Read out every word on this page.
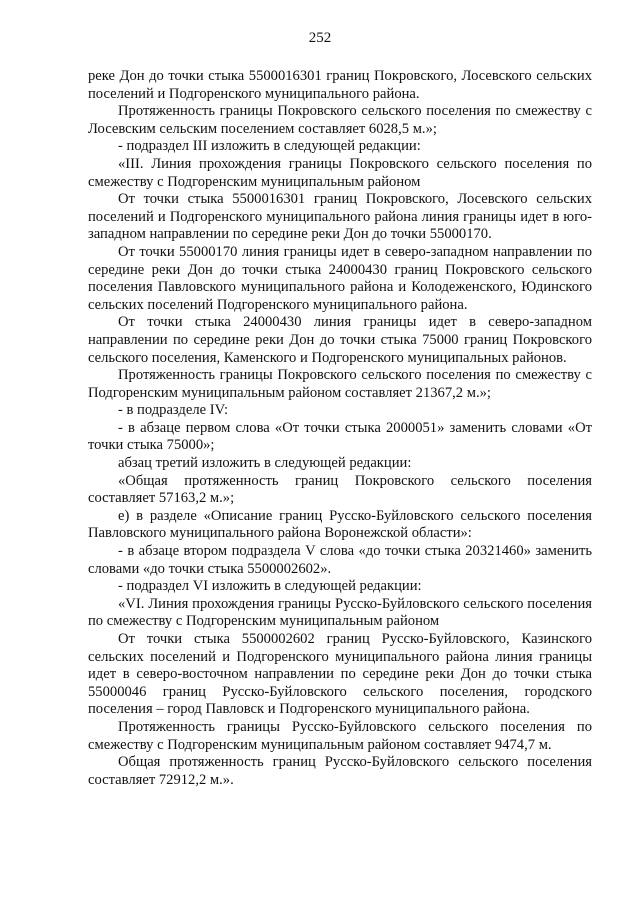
252

реке Дон до точки стыка 5500016301 границ Покровского, Лосевского сельских поселений и Подгоренского муниципального района.

Протяженность границы Покровского сельского поселения по смежеству с Лосевским сельским поселением составляет 6028,5 м.»;

- подраздел III изложить в следующей редакции:

«III. Линия прохождения границы Покровского сельского поселения по смежеству с Подгоренским муниципальным районом

От точки стыка 5500016301 границ Покровского, Лосевского сельских поселений и Подгоренского муниципального района линия границы идет в юго-западном направлении по середине реки Дон до точки 55000170.

От точки 55000170 линия границы идет в северо-западном направлении по середине реки Дон до точки стыка 24000430 границ Покровского сельского поселения Павловского муниципального района и Колодеженского, Юдинского сельских поселений Подгоренского муниципального района.

От точки стыка 24000430 линия границы идет в северо-западном направлении по середине реки Дон до точки стыка 75000 границ Покровского сельского поселения, Каменского и Подгоренского муниципальных районов.

Протяженность границы Покровского сельского поселения по смежеству с Подгоренским муниципальным районом составляет 21367,2 м.»;

- в подразделе IV:

- в абзаце первом слова «От точки стыка 2000051» заменить словами «От точки стыка 75000»;

абзац третий изложить в следующей редакции:

«Общая протяженность границ Покровского сельского поселения составляет 57163,2 м.»;

е) в разделе «Описание границ Русско-Буйловского сельского поселения Павловского муниципального района Воронежской области»:

- в абзаце втором подраздела V слова «до точки стыка 20321460» заменить словами «до точки стыка 5500002602».

- подраздел VI изложить в следующей редакции:

«VI. Линия прохождения границы Русско-Буйловского сельского поселения по смежеству с Подгоренским муниципальным районом

От точки стыка 5500002602 границ Русско-Буйловского, Казинского сельских поселений и Подгоренского муниципального района линия границы идет в северо-восточном направлении по середине реки Дон до точки стыка 55000046 границ Русско-Буйловского сельского поселения, городского поселения – город Павловск и Подгоренского муниципального района.

Протяженность границы Русско-Буйловского сельского поселения по смежеству с Подгоренским муниципальным районом составляет 9474,7 м.

Общая протяженность границ Русско-Буйловского сельского поселения составляет 72912,2 м.».
